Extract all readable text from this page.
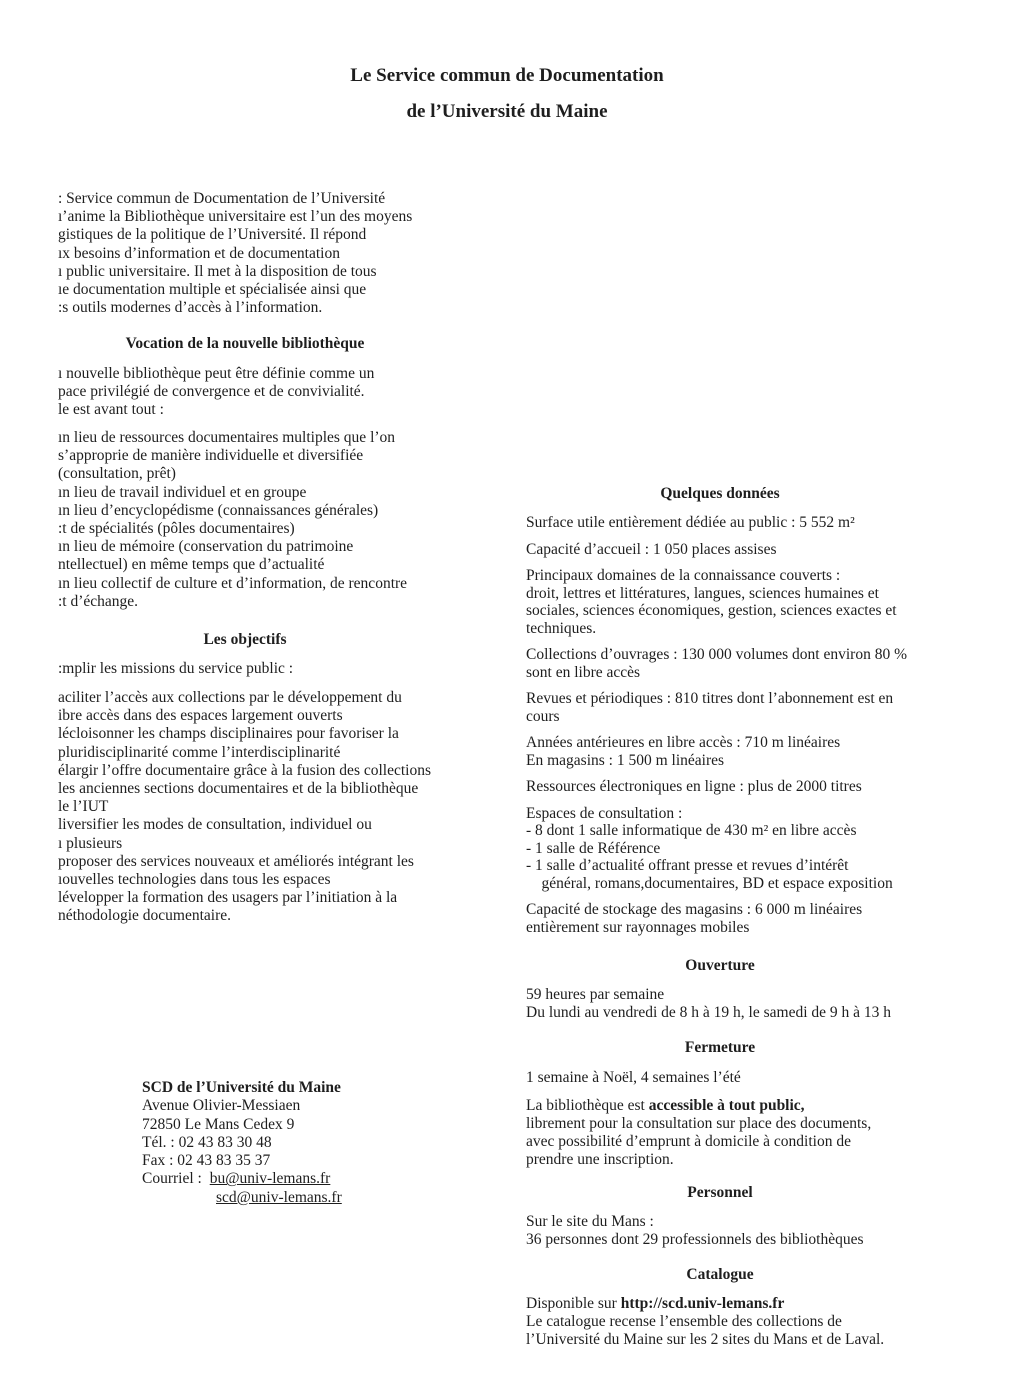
Le Service commun de Documentation
de l’Université du Maine

: Service commun de Documentation de l’Université

ı’anime la Bibliothèque universitaire est l’un des moyens

gistiques de la politique de l’Université. Il répond

ıx besoins d’information et de documentation

ı public universitaire. Il met à la disposition de tous

ıe documentation multiple et spécialisée ainsi que

:s outils modernes d’accès à l’information.

Vocation de la nouvelle bibliothèque

ı nouvelle bibliothèque peut être définie comme un

pace privilégié de convergence et de convivialité.

le est avant tout :

ın lieu de ressources documentaires multiples que l’on

s’approprie de manière individuelle et diversifiée

(consultation, prêt)

ın lieu de travail individuel et en groupe

ın lieu d’encyclopédisme (connaissances générales)

:t de spécialités (pôles documentaires)

ın lieu de mémoire (conservation du patrimoine

ntellectuel) en même temps que d’actualité

ın lieu collectif de culture et d’information, de rencontre

:t d’échange.

Les objectifs

:mplir les missions du service public :

aciliter l’accès aux collections par le développement du

ibre accès dans des espaces largement ouverts

lécloisonner les champs disciplinaires pour favoriser la

pluridisciplinarité comme l’interdisciplinarité

élargir l’offre documentaire grâce à la fusion des collections

les anciennes sections documentaires et de la bibliothèque

le l’IUT

liversifier les modes de consultation, individuel ou

ı plusieurs

proposer des services nouveaux et améliorés intégrant les

ıouvelles technologies dans tous les espaces

lévelopper la formation des usagers par l’initiation à la

néthodologie documentaire.

SCD de l’Université du Maine

Avenue Olivier-Messiaen

72850 Le Mans Cedex 9

Tél. : 02 43 83 30 48

Fax : 02 43 83 35 37

Courriel : bu@univ-lemans.fr

scd@univ-lemans.fr

Quelques données

Surface utile entièrement dédiée au public : 5 552 m²

Capacité d’accueil : 1 050 places assises

Principaux domaines de la connaissance couverts :

droit, lettres et littératures, langues, sciences humaines et

sociales, sciences économiques, gestion, sciences exactes et

techniques.

Collections d’ouvrages : 130 000 volumes dont environ 80 %

sont en libre accès

Revues et périodiques : 810 titres dont l’abonnement est en

cours

Années antérieures en libre accès : 710 m linéaires

En magasins : 1 500 m linéaires

Ressources électroniques en ligne : plus de 2000 titres

Espaces de consultation :

- 8 dont 1 salle informatique de 430 m² en libre accès

- 1 salle de Référence

- 1 salle d’actualité offrant presse et revues d’intérêt

général, romans,documentaires, BD et espace exposition

Capacité de stockage des magasins : 6 000 m linéaires

entièrement sur rayonnages mobiles

Ouverture

59 heures par semaine

Du lundi au vendredi de 8 h à 19 h, le samedi de 9 h à 13 h

Fermeture

1 semaine à Noël, 4 semaines l’été

La bibliothèque est accessible à tout public,

librement pour la consultation sur place des documents,

avec possibilité d’emprunt à domicile à condition de

prendre une inscription.

Personnel

Sur le site du Mans :

36 personnes dont 29 professionnels des bibliothèques

Catalogue

Disponible sur http://scd.univ-lemans.fr

Le catalogue recense l’ensemble des collections de

l’Université du Maine sur les 2 sites du Mans et de Laval.
